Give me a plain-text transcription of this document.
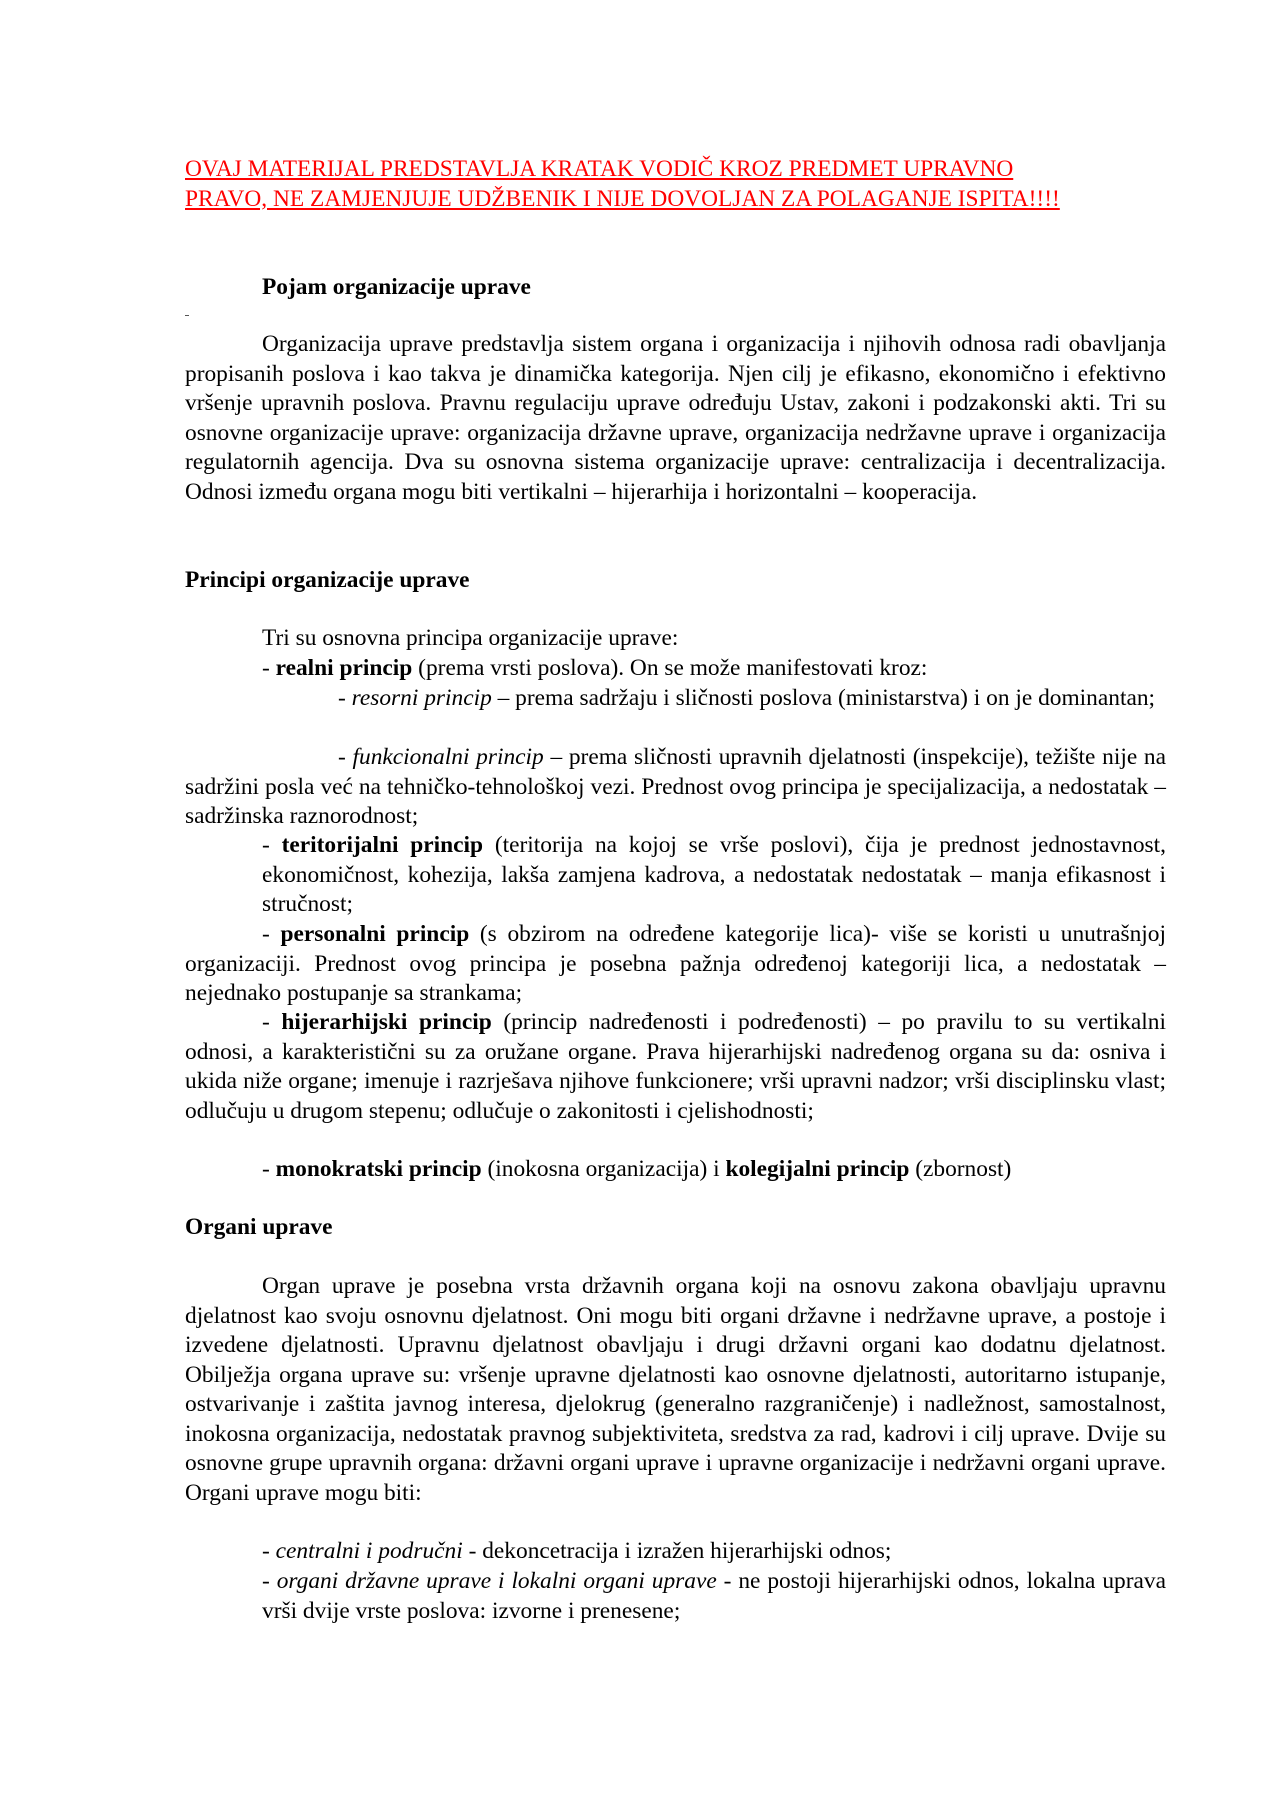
OVAJ MATERIJAL PREDSTAVLJA KRATAK VODIČ KROZ PREDMET UPRAVNO
PRAVO, NE ZAMJENJUJE UDŽBENIK I NIJE DOVOLJAN ZA POLAGANJE ISPITA!!!!
Pojam organizacije uprave
Organizacija uprave predstavlja sistem organa i organizacija i njihovih odnosa radi obavljanja propisanih poslova i kao takva je dinamička kategorija. Njen cilj je efikasno, ekonomično i efektivno vršenje upravnih poslova. Pravnu regulaciju uprave određuju Ustav, zakoni i podzakonski akti. Tri su osnovne organizacije uprave: organizacija državne uprave, organizacija nedržavne uprave i organizacija regulatornih agencija. Dva su osnovna sistema organizacije uprave: centralizacija i decentralizacija. Odnosi između organa mogu biti vertikalni – hijerarhija i horizontalni – kooperacija.
Principi organizacije uprave
Tri su osnovna principa organizacije uprave:
- realni princip (prema vrsti poslova). On se može manifestovati kroz:
- resorni princip – prema sadržaju i sličnosti poslova (ministarstva) i on je dominantan;
- funkcionalni princip – prema sličnosti upravnih djelatnosti (inspekcije), težište nije na sadržini posla već na tehničko-tehnološkoj vezi. Prednost ovog principa je specijalizacija, a nedostatak – sadržinska raznorodnost;
- teritorijalni princip (teritorija na kojoj se vrše poslovi), čija je prednost jednostavnost, ekonomičnost, kohezija, lakša zamjena kadrova, a nedostatak nedostatak – manja efikasnost i stručnost;
- personalni princip (s obzirom na određene kategorije lica)- više se koristi u unutrašnjoj organizaciji. Prednost ovog principa je posebna pažnja određenoj kategoriji lica, a nedostatak – nejednako postupanje sa strankama;
- hijerarhijski princip (princip nadređenosti i podređenosti) – po pravilu to su vertikalni odnosi, a karakteristični su za oružane organe. Prava hijerarhijski nadređenog organa su da: osniva i ukida niže organe; imenuje i razrješava njihove funkcionere; vrši upravni nadzor; vrši disciplinsku vlast; odlučuju u drugom stepenu; odlučuje o zakonitosti i cjelishodnosti;
- monokratski princip (inokosna organizacija) i kolegijalni princip (zbornost)
Organi uprave
Organ uprave je posebna vrsta državnih organa koji na osnovu zakona obavljaju upravnu djelatnost kao svoju osnovnu djelatnost. Oni mogu biti organi državne i nedržavne uprave, a postoje i izvedene djelatnosti. Upravnu djelatnost obavljaju i drugi državni organi kao dodatnu djelatnost. Obilježja organa uprave su: vršenje upravne djelatnosti kao osnovne djelatnosti, autoritarno istupanje, ostvarivanje i zaštita javnog interesa, djelokrug (generalno razgraničenje) i nadležnost, samostalnost, inokosna organizacija, nedostatak pravnog subjektiviteta, sredstva za rad, kadrovi i cilj uprave. Dvije su osnovne grupe upravnih organa: državni organi uprave i upravne organizacije i nedržavni organi uprave. Organi uprave mogu biti:
- centralni i područni - dekoncetracija i izražen hijerarhijski odnos;
- organi državne uprave i lokalni organi uprave - ne postoji hijerarhijski odnos, lokalna uprava vrši dvije vrste poslova: izvorne i prenesene;
